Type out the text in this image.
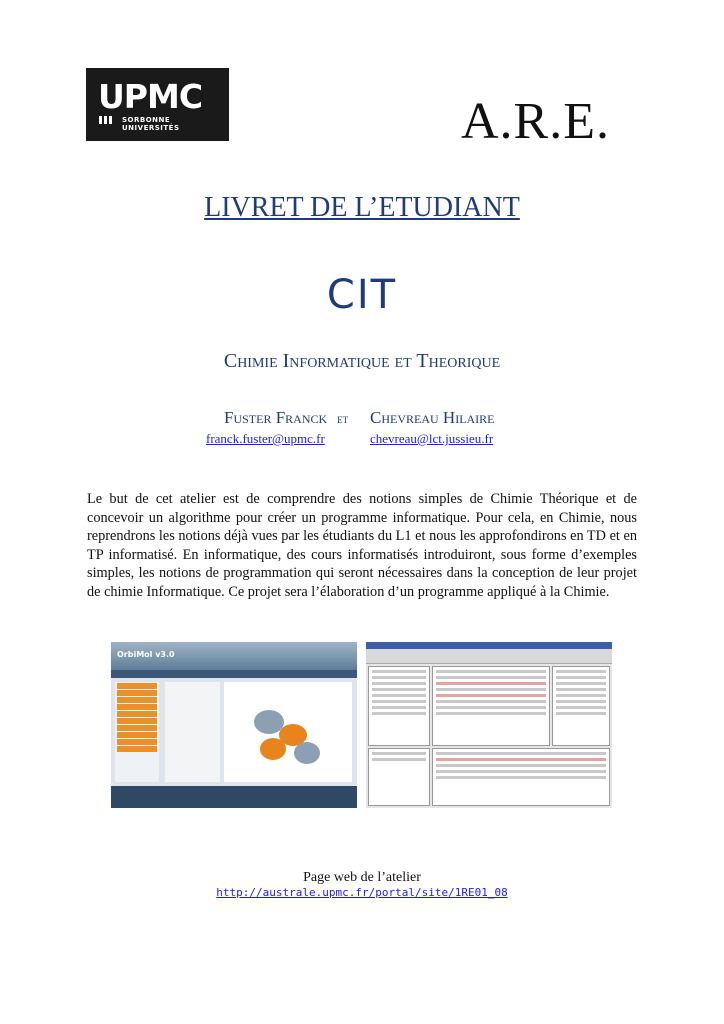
UPMC
SORBONNE UNIVERSITÉS	A.R.E.
LIVRET DE L’ETUDIANT
CIT
Chimie Informatique et Theorique
Fuster Franck et Chevreau Hilaire
franck.fuster@upmc.fr	chevreau@lct.jussieu.fr
Le but de cet atelier est de comprendre des notions simples de Chimie Théorique et de concevoir un algorithme pour créer un programme informatique. Pour cela, en Chimie, nous reprendrons les notions déjà vues par les étudiants du L1 et nous les approfondirons en TD et en TP informatisé. En informatique, des cours informatisés introduiront, sous forme d’exemples simples, les notions de programmation qui seront nécessaires dans la conception de leur projet de chimie Informatique. Ce projet sera l’élaboration d’un programme appliqué à la Chimie.
OrbiMol v3.0
Page web de l’atelier
http://australe.upmc.fr/portal/site/1RE01_08
